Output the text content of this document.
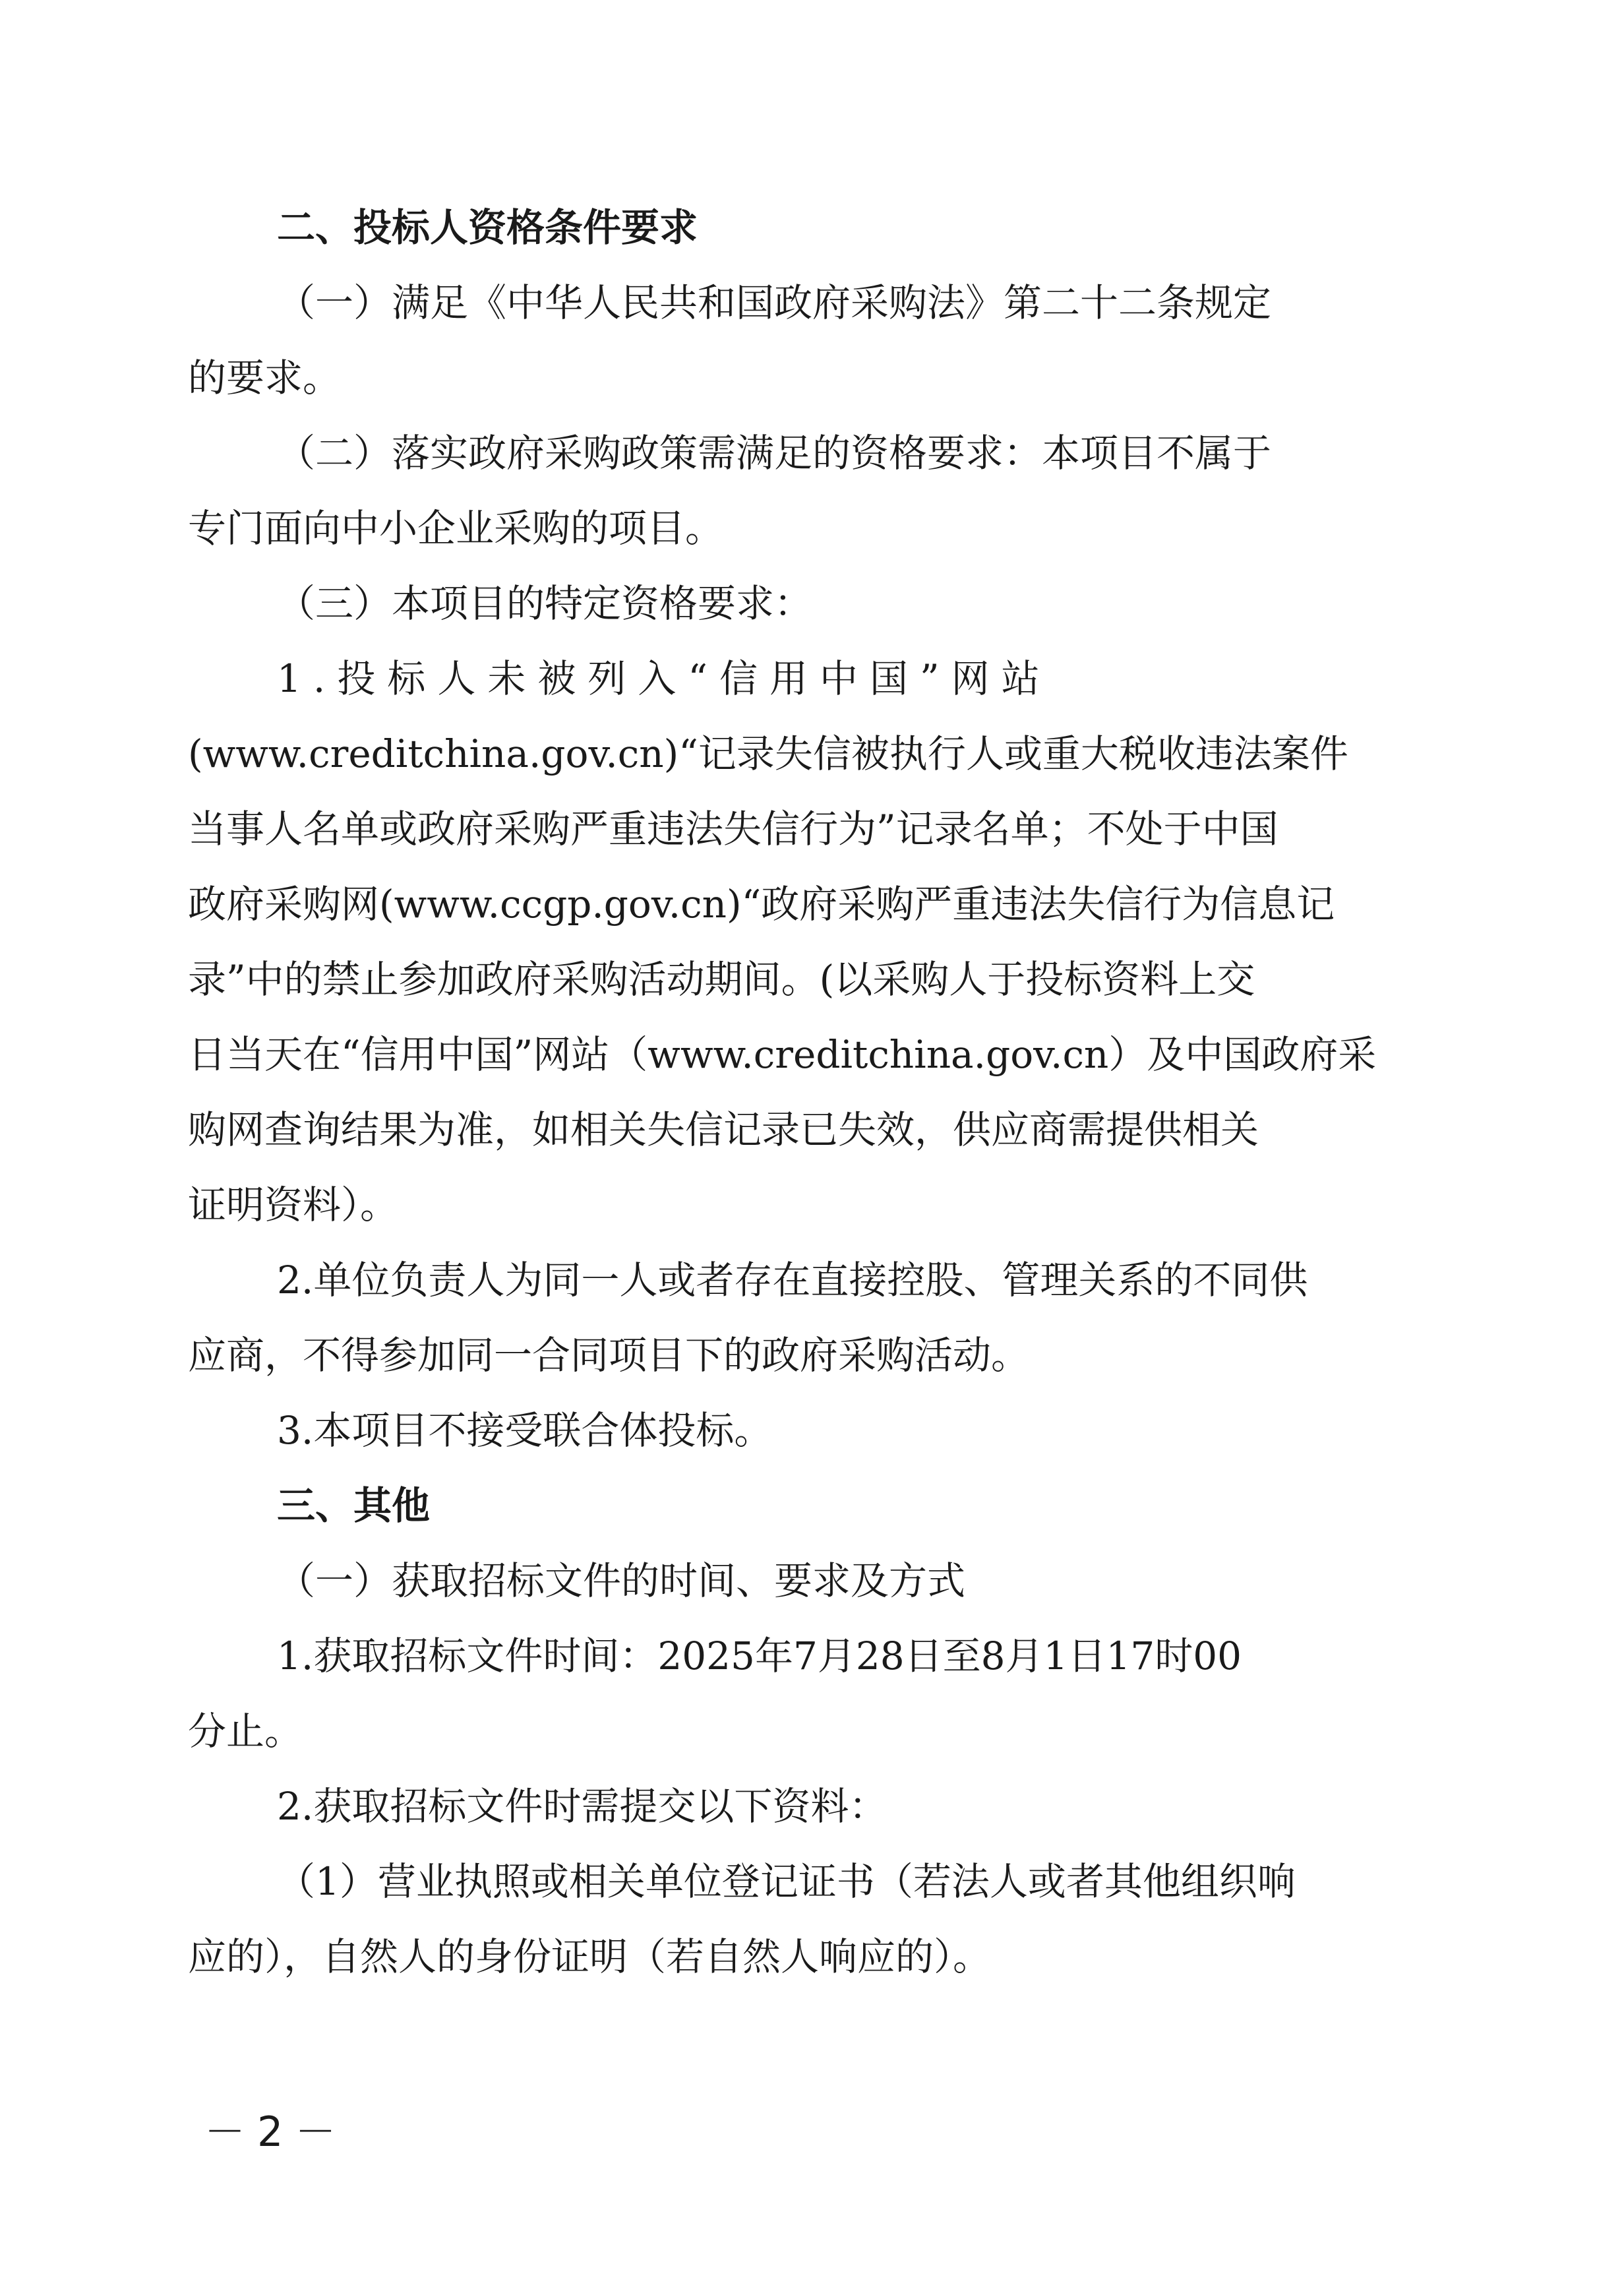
二、投标人资格条件要求
（一）满足《中华人民共和国政府采购法》第二十二条规定
的要求。
（二）落实政府采购政策需满足的资格要求：本项目不属于
专门面向中小企业采购的项目。
（三）本项目的特定资格要求：
1.投标人未被列入“信用中国”网站
(www.creditchina.gov.cn)“记录失信被执行人或重大税收违法案件
当事人名单或政府采购严重违法失信行为”记录名单；不处于中国
政府采购网(www.ccgp.gov.cn)“政府采购严重违法失信行为信息记
录”中的禁止参加政府采购活动期间。(以采购人于投标资料上交
日当天在“信用中国”网站（www.creditchina.gov.cn）及中国政府采
购网查询结果为准，如相关失信记录已失效，供应商需提供相关
证明资料）。
2.单位负责人为同一人或者存在直接控股、管理关系的不同供
应商，不得参加同一合同项目下的政府采购活动。
3.本项目不接受联合体投标。
三、其他
（一）获取招标文件的时间、要求及方式
1.获取招标文件时间：2025年7月28日至8月1日17时00
分止。
2.获取招标文件时需提交以下资料：
（1）营业执照或相关单位登记证书（若法人或者其他组织响
应的），自然人的身份证明（若自然人响应的）。
－2－
